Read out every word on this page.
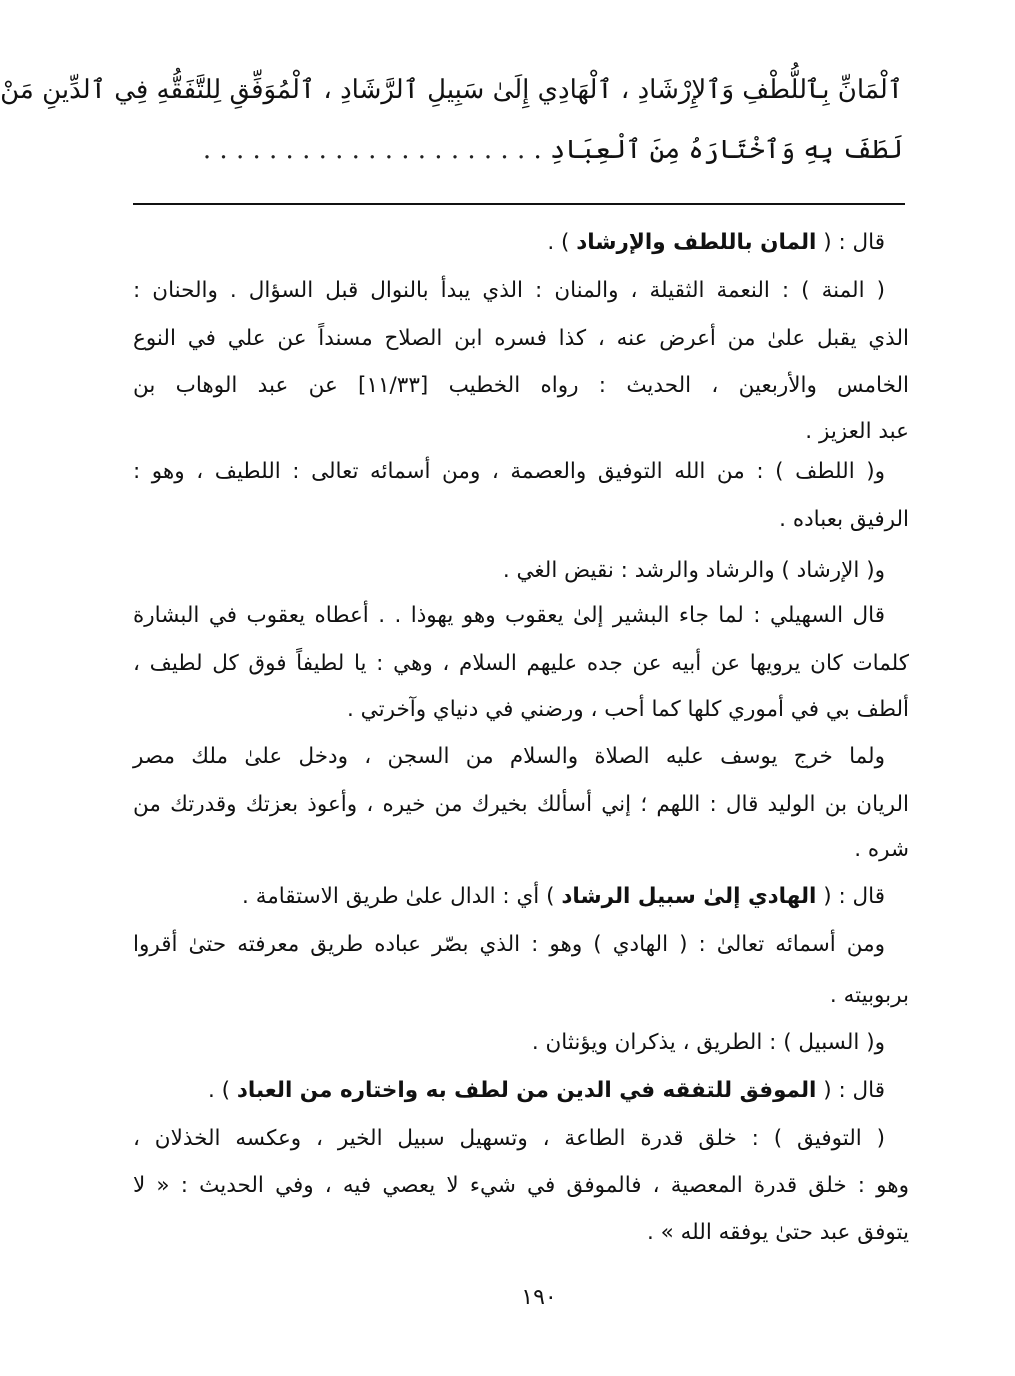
ٱلْمَانِّ بِٱللُّطْفِ وَٱلإِرْشَادِ ، ٱلْهَادِي إِلَىٰ سَبِيلِ ٱلرَّشَادِ ، ٱلْمُوَفِّقِ لِلتَّفَقُّهِ فِي ٱلدِّينِ مَنْ
لَطَفَ بِهِ وَٱخْتَارَهُ مِنَ ٱلْعِبَادِ . . . . . . . . . . . . . . . . . . . . .
قال : ( المان باللطف والإرشاد ) .
( المنة ) : النعمة الثقيلة ، والمنان : الذي يبدأ بالنوال قبل السؤال . والحنان :
الذي يقبل علىٰ من أعرض عنه ، كذا فسره ابن الصلاح مسنداً عن علي في النوع
الخامس والأربعين ، الحديث : رواه الخطيب [١١/٣٣] عن عبد الوهاب بن
عبد العزيز .
و( اللطف ) : من الله التوفيق والعصمة ، ومن أسمائه تعالى : اللطيف ، وهو :
الرفيق بعباده .
و( الإرشاد ) والرشاد والرشد : نقيض الغي .
قال السهيلي : لما جاء البشير إلىٰ يعقوب وهو يهوذا . . أعطاه يعقوب في البشارة
كلمات كان يرويها عن أبيه عن جده عليهم السلام ، وهي : يا لطيفاً فوق كل لطيف ،
ألطف بي في أموري كلها كما أحب ، ورضني في دنياي وآخرتي .
ولما خرج يوسف عليه الصلاة والسلام من السجن ، ودخل علىٰ ملك مصر
الريان بن الوليد قال : اللهم ؛ إني أسألك بخيرك من خيره ، وأعوذ بعزتك وقدرتك من
شره .
قال : ( الهادي إلىٰ سبيل الرشاد ) أي : الدال علىٰ طريق الاستقامة .
ومن أسمائه تعالىٰ : ( الهادي ) وهو : الذي بصّر عباده طريق معرفته حتىٰ أقروا
بربوبيته .
و( السبيل ) : الطريق ، يذكران ويؤنثان .
قال : ( الموفق للتفقه في الدين من لطف به واختاره من العباد ) .
( التوفيق ) : خلق قدرة الطاعة ، وتسهيل سبيل الخير ، وعكسه الخذلان ،
وهو : خلق قدرة المعصية ، فالموفق في شيء لا يعصي فيه ، وفي الحديث : « لا
يتوفق عبد حتىٰ يوفقه الله » .
١٩٠
